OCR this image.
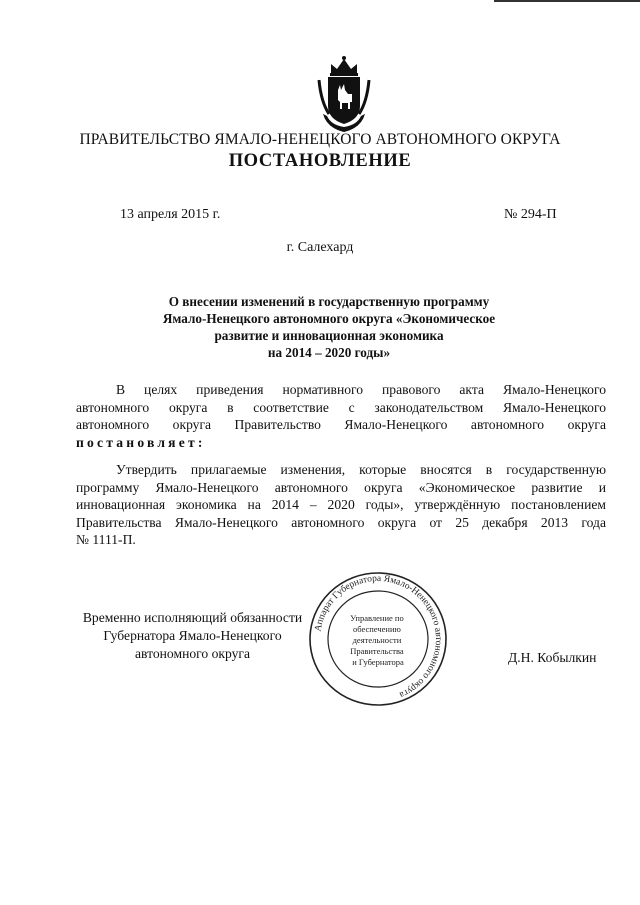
ПРАВИТЕЛЬСТВО ЯМАЛО-НЕНЕЦКОГО АВТОНОМНОГО ОКРУГА
ПОСТАНОВЛЕНИЕ
13 апреля 2015 г.	№ 294-П
г. Салехард
О внесении изменений в государственную программу
Ямало-Ненецкого автономного округа «Экономическое
развитие и инновационная экономика
на 2014 – 2020 годы»
В целях приведения нормативного правового акта Ямало-Ненецкого
автономного округа в соответствие с законодательством Ямало-Ненецкого
автономного округа Правительство Ямало-Ненецкого автономного округа
постановляет:
Утвердить прилагаемые изменения, которые вносятся в государственную
программу Ямало-Ненецкого автономного округа «Экономическое развитие и
инновационная экономика на 2014 – 2020 годы», утверждённую постановлением
Правительства Ямало-Ненецкого автономного округа от 25 декабря 2013 года
№ 1111-П.
Временно исполняющий обязанности
Губернатора Ямало-Ненецкого
автономного округа
Аппарат Губернатора Ямало-Ненецкого автономного округа
Управление по обеспечению деятельности Правительства и Губернатора	Д.Н. Кобылкин
